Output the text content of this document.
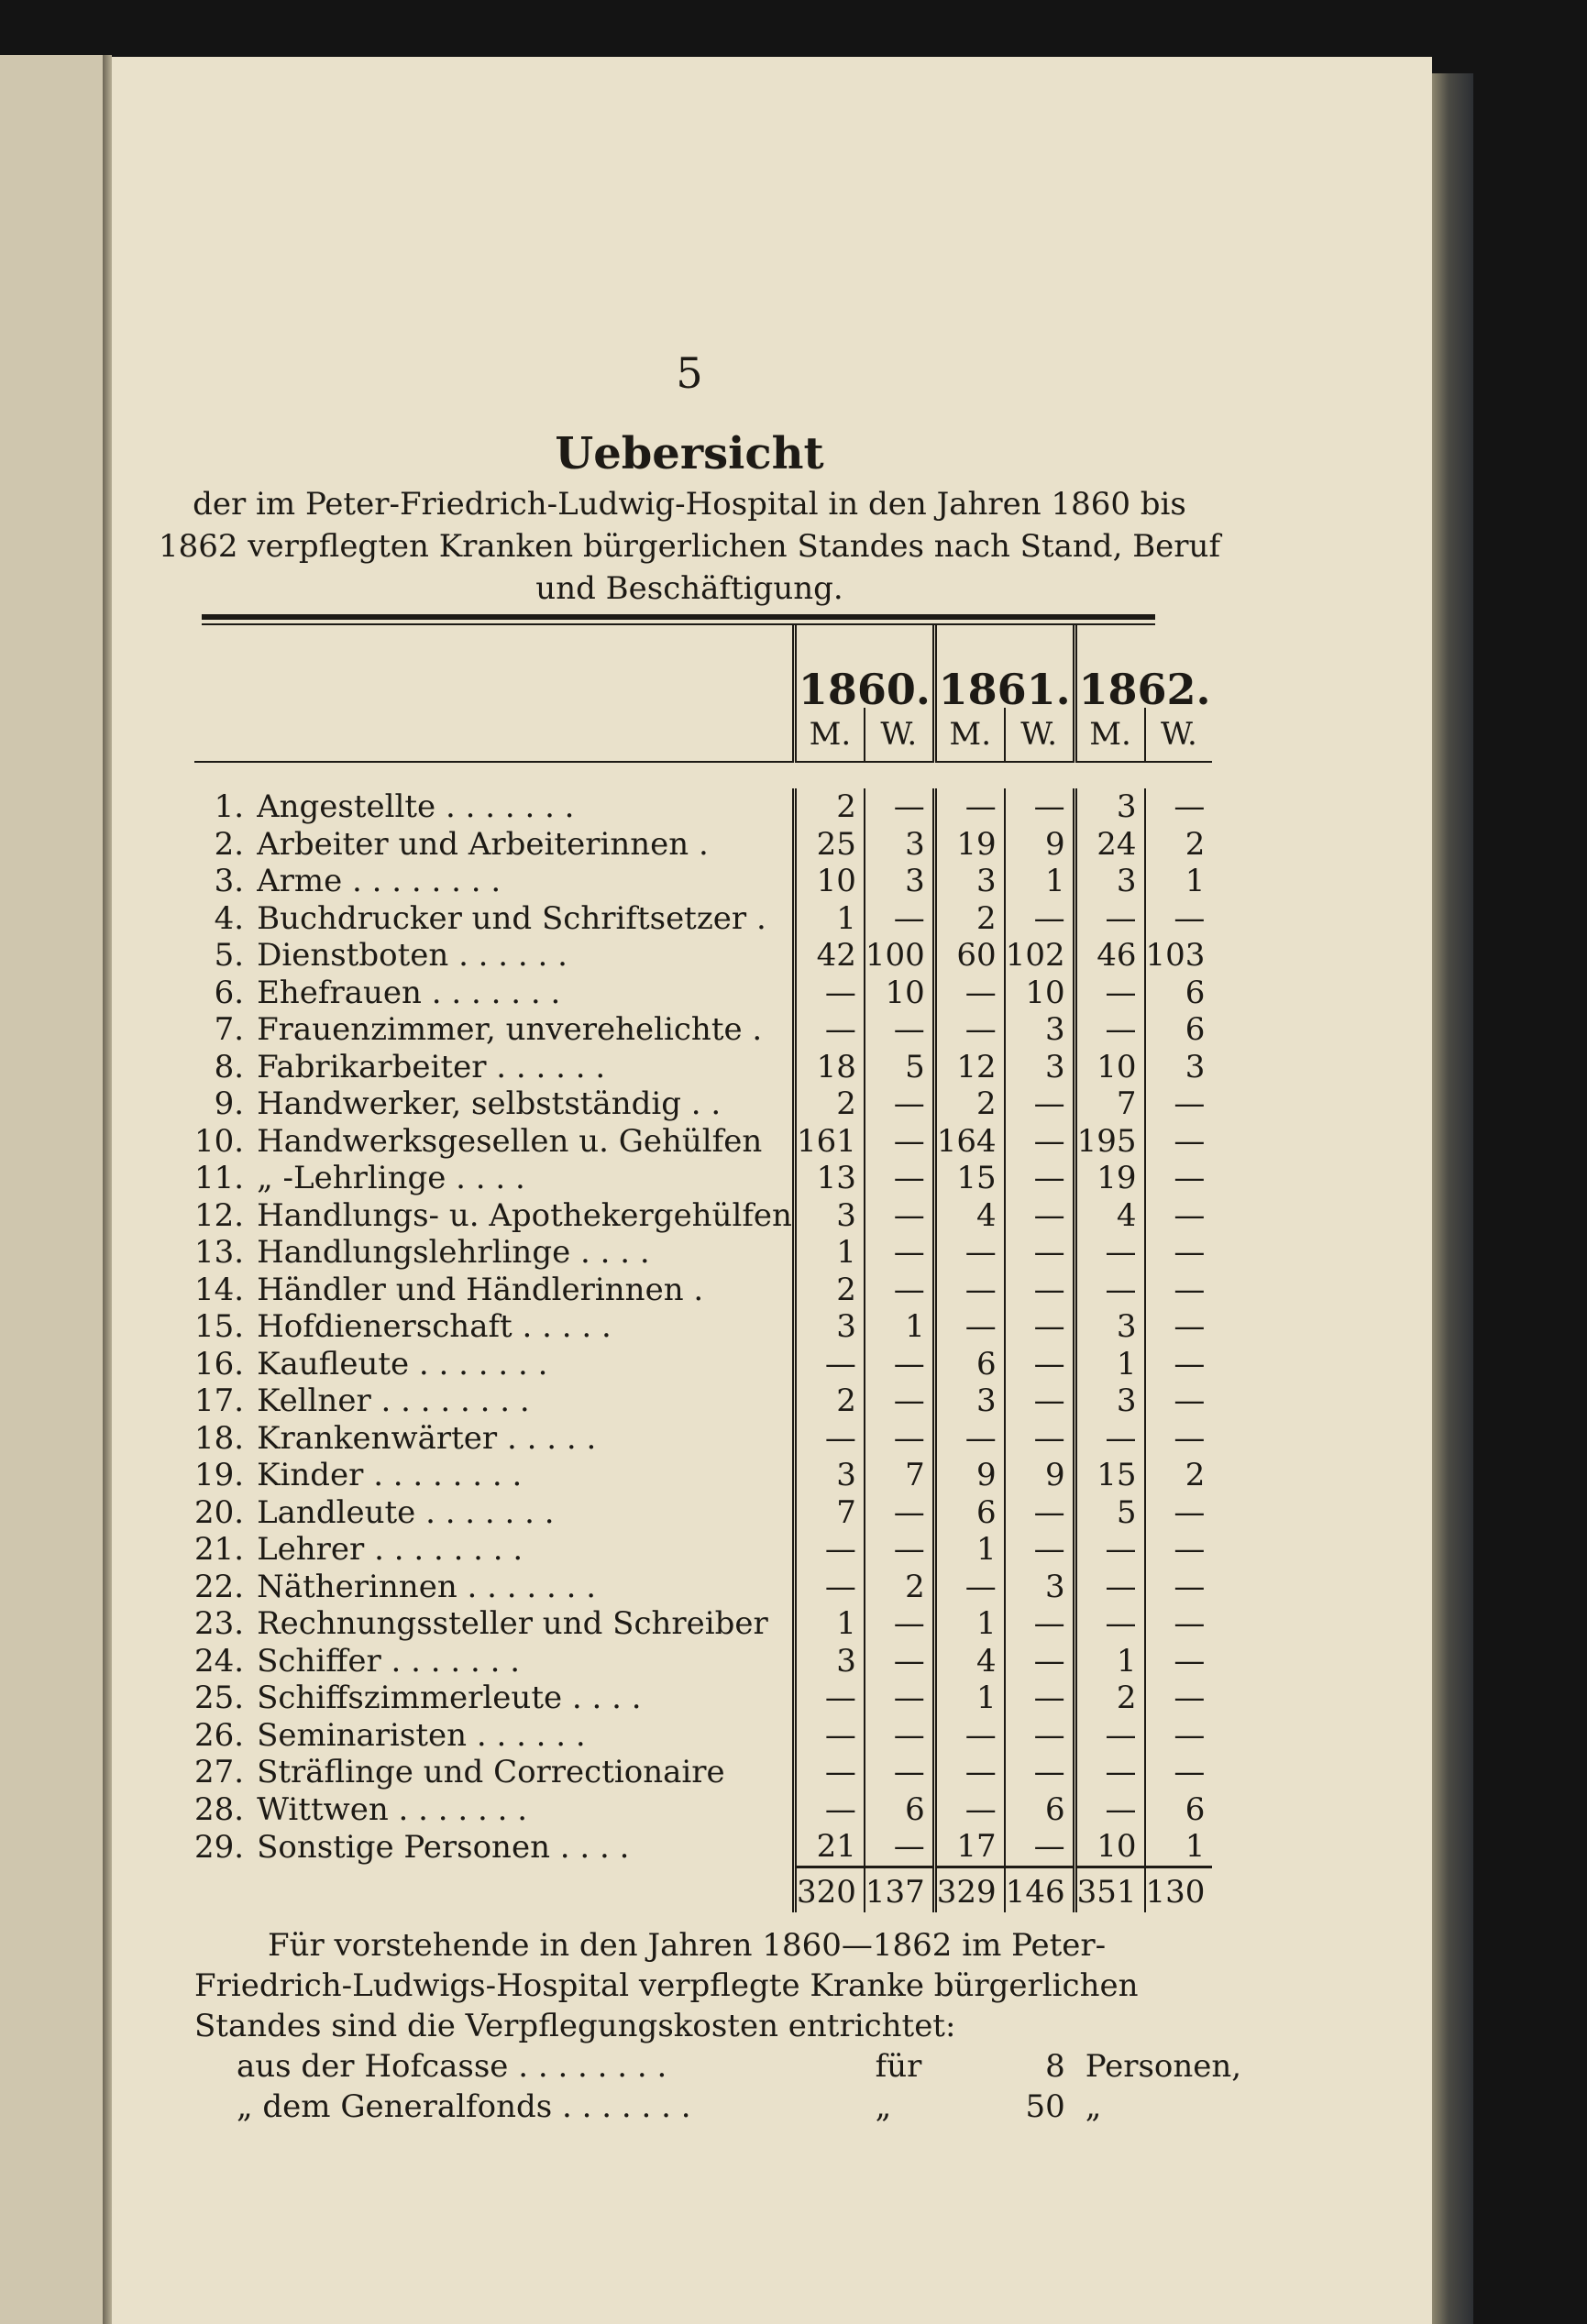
5
Uebersicht
der im Peter-Friedrich-Ludwig-Hospital in den Jahren 1860 bis 1862 verpflegten Kranken bürgerlichen Standes nach Stand, Beruf und Beschäftigung.
		1860.		1861.		1862.	
		M.	W.	M.	W.	M.	W.

1.	Angestellte . . . . . . .	2	—	—	—	3	—
2.	Arbeiter und Arbeiterinnen .	25	3	19	9	24	2
3.	Arme . . . . . . . .	10	3	3	1	3	1
4.	Buchdrucker und Schriftsetzer .	1	—	2	—	—	—
5.	Dienstboten . . . . . .	42	100	60	102	46	103
6.	Ehefrauen . . . . . . .	—	10	—	10	—	6
7.	Frauenzimmer, unverehelichte .	—	—	—	3	—	6
8.	Fabrikarbeiter . . . . . .	18	5	12	3	10	3
9.	Handwerker, selbstständig . .	2	—	2	—	7	—
10.	Handwerksgesellen u. Gehülfen	161	—	164	—	195	—
11.	„ -Lehrlinge . . . .	13	—	15	—	19	—
12.	Handlungs- u. Apothekergehülfen	3	—	4	—	4	—
13.	Handlungslehrlinge . . . .	1	—	—	—	—	—
14.	Händler und Händlerinnen .	2	—	—	—	—	—
15.	Hofdienerschaft . . . . .	3	1	—	—	3	—
16.	Kaufleute . . . . . . .	—	—	6	—	1	—
17.	Kellner . . . . . . . .	2	—	3	—	3	—
18.	Krankenwärter . . . . .	—	—	—	—	—	—
19.	Kinder . . . . . . . .	3	7	9	9	15	2
20.	Landleute . . . . . . .	7	—	6	—	5	—
21.	Lehrer . . . . . . . .	—	—	1	—	—	—
22.	Nätherinnen . . . . . . .	—	2	—	3	—	—
23.	Rechnungssteller und Schreiber	1	—	1	—	—	—
24.	Schiffer . . . . . . .	3	—	4	—	1	—
25.	Schiffszimmerleute . . . .	—	—	1	—	2	—
26.	Seminaristen . . . . . .	—	—	—	—	—	—
27.	Sträflinge und Correctionaire	—	—	—	—	—	—
28.	Wittwen . . . . . . .	—	6	—	6	—	6
29.	Sonstige Personen . . . .	21	—	17	—	10	1
		320	137	329	146	351	130

Für vorstehende in den Jahren 1860—1862 im Peter-Friedrich-Ludwigs-Hospital verpflegte Kranke bürgerlichen Standes sind die Verpflegungskosten entrichtet:

aus der Hofcasse . . . . . . . .	für	8 Personen,
„ dem Generalfonds . . . . . . .	„	50 „
